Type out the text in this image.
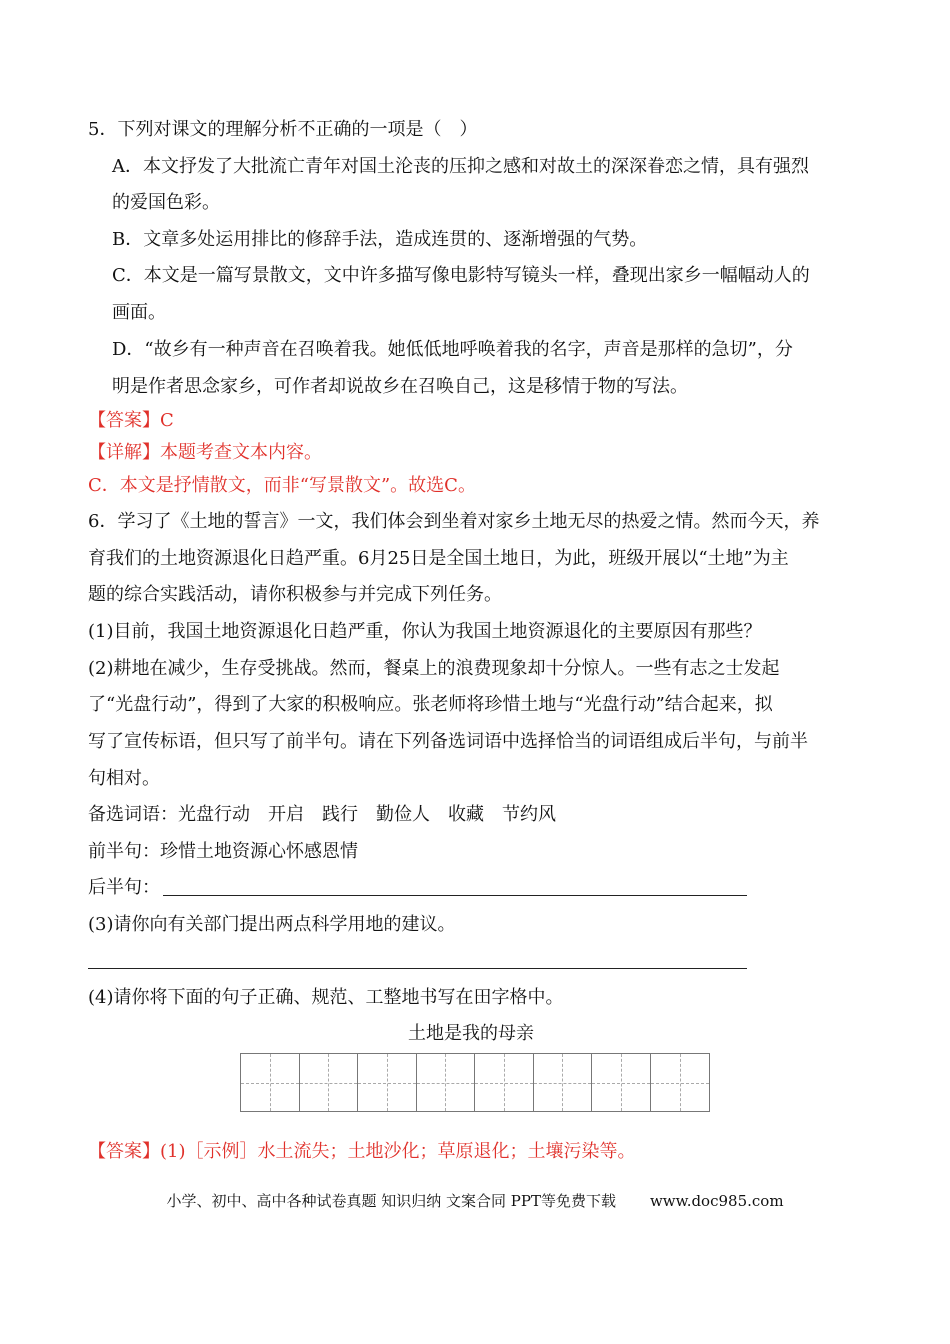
5．下列对课文的理解分析不正确的一项是（　）
A．本文抒发了大批流亡青年对国土沦丧的压抑之感和对故土的深深眷恋之情，具有强烈
的爱国色彩。
B．文章多处运用排比的修辞手法，造成连贯的、逐渐增强的气势。
C．本文是一篇写景散文，文中许多描写像电影特写镜头一样，叠现出家乡一幅幅动人的
画面。
D．“故乡有一种声音在召唤着我。她低低地呼唤着我的名字，声音是那样的急切”，分
明是作者思念家乡，可作者却说故乡在召唤自己，这是移情于物的写法。
【答案】C
【详解】本题考查文本内容。
C．本文是抒情散文，而非“写景散文”。故选C。
6．学习了《土地的誓言》一文，我们体会到坐着对家乡土地无尽的热爱之情。然而今天，养
育我们的土地资源退化日趋严重。6月25日是全国土地日，为此，班级开展以“土地”为主
题的综合实践活动，请你积极参与并完成下列任务。
(1)目前，我国土地资源退化日趋严重，你认为我国土地资源退化的主要原因有那些？
(2)耕地在减少，生存受挑战。然而，餐桌上的浪费现象却十分惊人。一些有志之士发起
了“光盘行动”，得到了大家的积极响应。张老师将珍惜土地与“光盘行动”结合起来，拟
写了宣传标语，但只写了前半句。请在下列备选词语中选择恰当的词语组成后半句，与前半
句相对。
备选词语：光盘行动　开启　践行　勤俭人　收藏　节约风
前半句：珍惜土地资源心怀感恩情
后半句：
(3)请你向有关部门提出两点科学用地的建议。
(4)请你将下面的句子正确、规范、工整地书写在田字格中。
土地是我的母亲
【答案】(1)［示例］水土流失；土地沙化；草原退化；土壤污染等。
小学、初中、高中各种试卷真题 知识归纳 文案合同 PPT等免费下载 www.doc985.com
